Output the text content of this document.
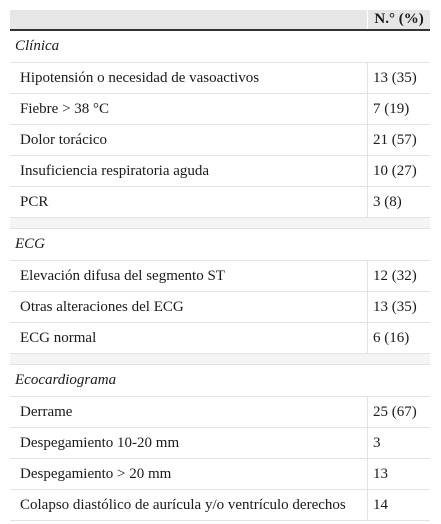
N.° (%)
Clínica
Hipotensión o necesidad de vasoactivos	13 (35)
Fiebre > 38 °C	7 (19)
Dolor torácico	21 (57)
Insuficiencia respiratoria aguda	10 (27)
PCR	3 (8)
ECG
Elevación difusa del segmento ST	12 (32)
Otras alteraciones del ECG	13 (35)
ECG normal	6 (16)
Ecocardiograma
Derrame	25 (67)
Despegamiento 10-20 mm	3
Despegamiento > 20 mm	13
Colapso diastólico de aurícula y/o ventrículo derechos	14
